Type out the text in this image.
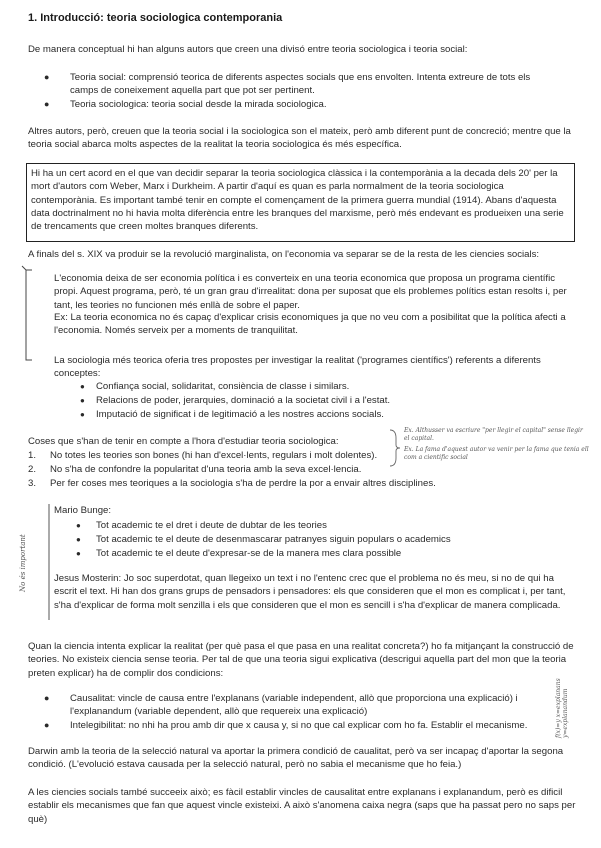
1. Introducció: teoria sociologica contemporania
De manera conceptual hi han alguns autors que creen una divisó entre teoria sociologica i teoria social:
●	Teoria social: comprensió teorica de diferents aspectes socials que ens envolten. Intenta extreure de tots els camps de coneixement aquella part que pot ser pertinent.
●	Teoria sociologica: teoria social desde la mirada sociologica.
Altres autors, però, creuen que la teoria social i la sociologica son el mateix, però amb diferent punt de concreció; mentre que la teoria social abarca molts aspectes de la realitat la teoria sociologica és més específica.
Hi ha un cert acord en el que van decidir separar la teoria sociologica clàssica i la contemporània a la decada dels 20' per la mort d'autors com Weber, Marx i Durkheim. A partir d'aquí es quan es parla normalment de la teoria sociologica contemporània. Es important també tenir en compte el començament de la primera guerra mundial (1914). Abans d'aquesta data doctrinalment no hi havia molta diferència entre les branques del marxisme, però més endevant es produeixen una serie de trencaments que creen moltes branques diferents.
A finals del s. XIX va produir se la revolució marginalista, on l'economia va separar se de la resta de les ciencies socials:
L'economia deixa de ser economia política i es converteix en una teoria economica que proposa un programa científic propi. Aquest programa, però, té un gran grau d'irrealitat: dona per suposat que els problemes polítics estan resolts i, per tant, les teories no funcionen més enllà de sobre el paper.
Ex: La teoria economica no és capaç d'explicar crisis economiques ja que no veu com a posibilitat que la política afecti a l'economia. Només serveix per a moments de tranquilitat.
La sociologia més teorica oferia tres propostes per investigar la realitat ('programes científics') referents a diferents conceptes:
● Confiança social, solidaritat, consiència de classe i similars.
● Relacions de poder, jerarquies, dominació a la societat civil i a l'estat.
● Imputació de significat i de legitimació a les nostres accions socials.
Coses que s'han de tenir en compte a l'hora d'estudiar teoria sociologica:
1.	No totes les teories son bones (hi han d'excel·lents, regulars i molt dolentes).
2.	No s'ha de confondre la popularitat d'una teoria amb la seva excel·lencia.
3.	Per fer coses mes teoriques a la sociologia s'ha de perdre la por a envair altres disciplines.
Ex. Althusser va escriure "per llegir el capital" sense llegir el capital.
Ex. La fama d'aquest autor va venir per la fama que tenia ell com a cientific social
Mario Bunge:
● Tot academic te el dret i deute de dubtar de les teories
● Tot academic te el deute de desenmascarar patranyes siguin populars o academics
● Tot academic te el deute d'expresar-se de la manera mes clara possible
No és important	Jesus Mosterin: Jo soc superdotat, quan llegeixo un text i no l'entenc crec que el problema no és meu, si no de qui ha escrit el text. Hi han dos grans grups de pensadors i pensadores: els que consideren que el mon es complicat i, per tant, s'ha d'explicar de forma molt senzilla i els que consideren que el mon es sencill i s'ha d'explicar de manera complicada.
Quan la ciencia intenta explicar la realitat (per què pasa el que pasa en una realitat concreta?) ho fa mitjançant la construcció de teories. No existeix ciencia sense teoria. Per tal de que una teoria sigui explicativa (descrigui aquella part del mon que la teoria preten explicar) ha de complir dos condicions:
●	Causalitat: vincle de causa entre l'explanans (variable independent, allò que proporciona una explicació) i l'explanandum (variable dependent, allò que requereix una explicació)
●	Intelegibilitat: no nhi ha prou amb dir que x causa y, si no que cal explicar com ho fa. Establir el mecanisme.	f(x)=y x=explanans y=explanandum
Darwin amb la teoria de la selecció natural va aportar la primera condició de caualitat, però va ser incapaç d'aportar la segona condició. (L'evolució estava causada per la selecció natural, però no sabia el mecanisme que ho feia.)
A les ciencies socials també succeeix això; es fàcil establir vincles de causalitat entre explanans i explanandum, però es dificil establir els mecanismes que fan que aquest vincle existeixi. A això s'anomena caixa negra (saps que ha passat pero no saps per què)
